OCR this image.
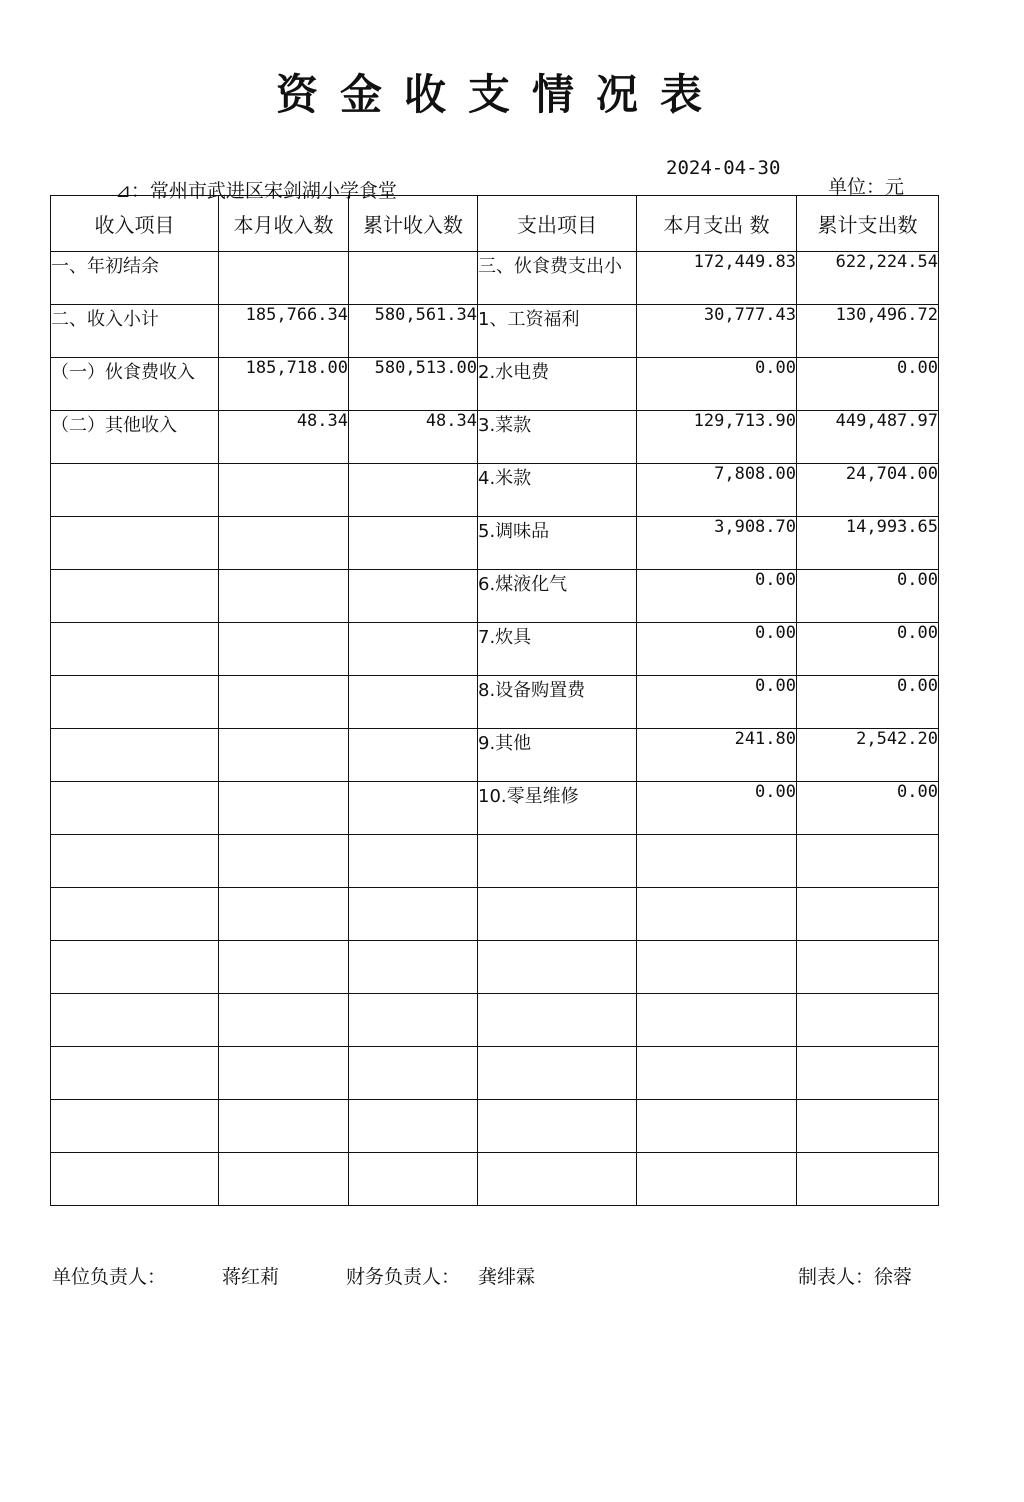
资金收支情况表
2024-04-30
单位：元
⊿：常州市武进区宋剑湖小学食堂
收入项目	本月收入数	累计收入数	支出项目	本月支出 数	累计支出数
一、年初结余			三、伙食费支出小	172,449.83	622,224.54
二、收入小计	185,766.34	580,561.34	1、工资福利	30,777.43	130,496.72
（一）伙食费收入	185,718.00	580,513.00	2.水电费	0.00	0.00
（二）其他收入	48.34	48.34	3.菜款	129,713.90	449,487.97
			4.米款	7,808.00	24,704.00
			5.调味品	3,908.70	14,993.65
			6.煤液化气	0.00	0.00
			7.炊具	0.00	0.00
			8.设备购置费	0.00	0.00
			9.其他	241.80	2,542.20
			10.零星维修	0.00	0.00

单位负责人：	蒋红莉	财务负责人： 龚绯霖	制表人：徐蓉
